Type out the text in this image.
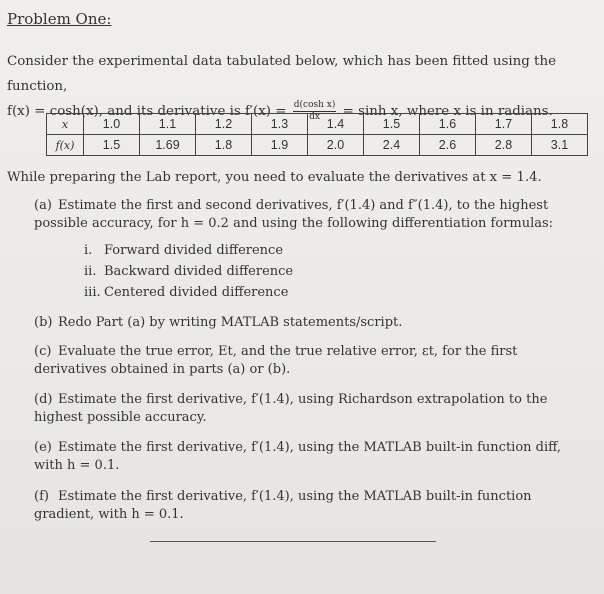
Problem One:
Consider the experimental data tabulated below, which has been fitted using the function,
f(x) = cosh(x), and its derivative is $f'(x) = \frac{\text{d(cosh x)}}{dx} = \sinh x$, where x is in radians.
x	1.0	1.1	1.2	1.3	1.4	1.5	1.6	1.7	1.8
f(x)	1.5	1.69	1.8	1.9	2.0	2.4	2.6	2.8	3.1
While preparing the Lab report, you need to evaluate the derivatives at x = 1.4.
(a) Estimate the first and second derivatives, f′(1.4) and f″(1.4), to the highest possible accuracy, for h = 0.2 and using the following differentiation formulas:
(b) Redo Part (a) by writing MATLAB statements/script.
(c) Evaluate the true error, Et, and the true relative error, εt, for the first derivatives obtained in parts (a) or (b).
(d) Estimate the first derivative, f′(1.4), using Richardson extrapolation to the highest possible accuracy.
(e) Estimate the first derivative, f′(1.4), using the MATLAB built-in function diff, with h = 0.1.
(f) Estimate the first derivative, f′(1.4), using the MATLAB built-in function gradient, with h = 0.1.
i. Forward divided difference
ii. Backward divided difference
iii. Centered divided difference
